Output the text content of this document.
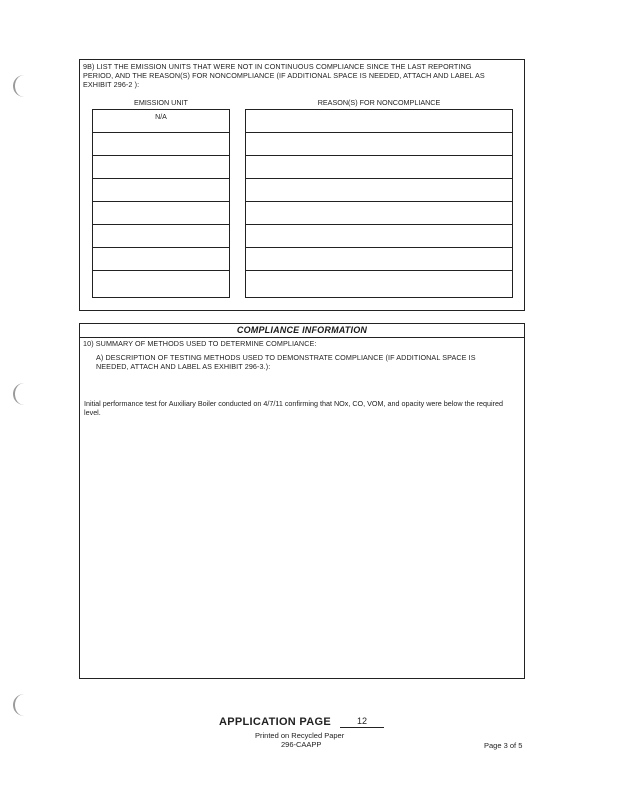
9B) LIST THE EMISSION UNITS THAT WERE NOT IN CONTINUOUS COMPLIANCE SINCE THE LAST REPORTING PERIOD, AND THE REASON(S) FOR NONCOMPLIANCE (IF ADDITIONAL SPACE IS NEEDED, ATTACH AND LABEL AS EXHIBIT 296-2 ):
EMISSION UNIT	REASON(S) FOR NONCOMPLIANCE
N/A
COMPLIANCE INFORMATION
10) SUMMARY OF METHODS USED TO DETERMINE COMPLIANCE:
A) DESCRIPTION OF TESTING METHODS USED TO DEMONSTRATE COMPLIANCE (IF ADDITIONAL SPACE IS NEEDED, ATTACH AND LABEL AS EXHIBIT 296-3.):
Initial performance test for Auxiliary Boiler conducted on 4/7/11 confirming that NOx, CO, VOM, and opacity were below the required level.
APPLICATION PAGE	12
Printed on Recycled Paper
296-CAAPP	Page 3 of 5
